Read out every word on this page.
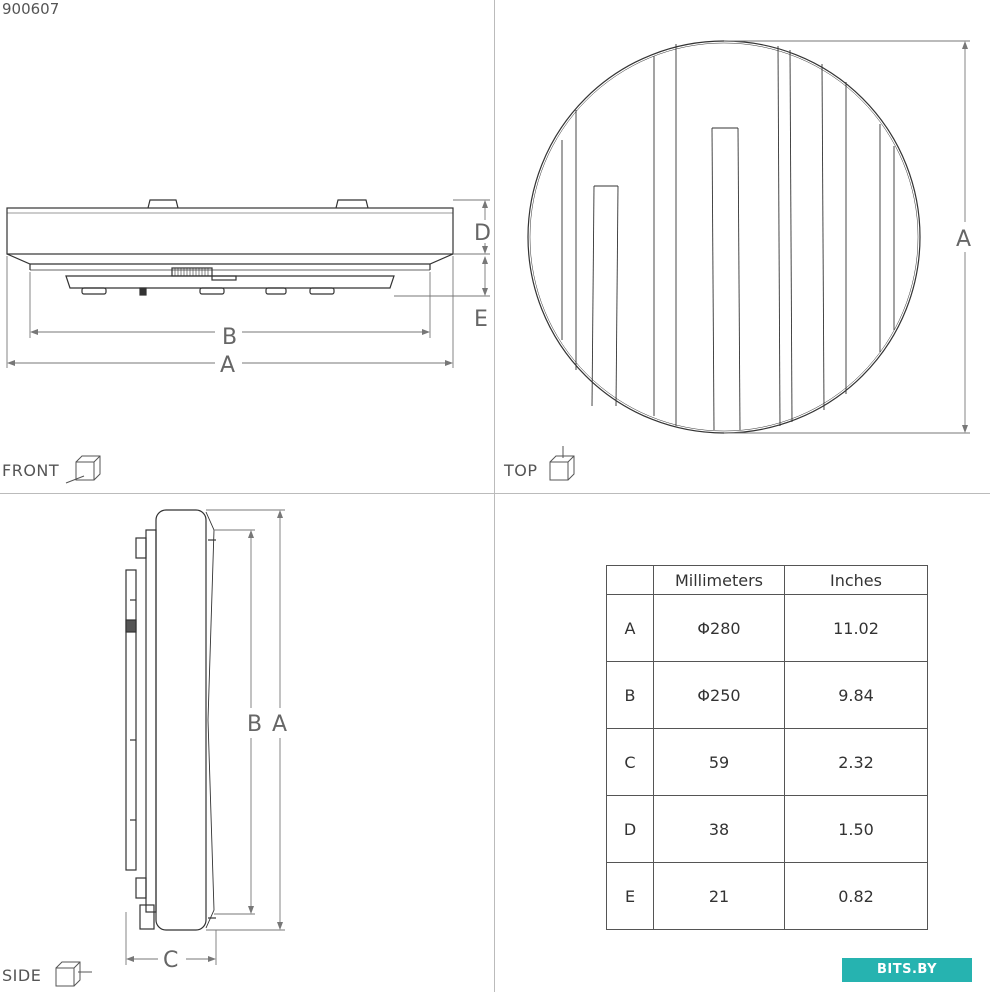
900607
B
A
D
E
A
B A
C
FRONT	TOP
SIDE
	Millimeters	Inches
A	Φ280	11.02
B	Φ250	9.84
C	59	2.32
D	38	1.50
E	21	0.82
BITS.BY
